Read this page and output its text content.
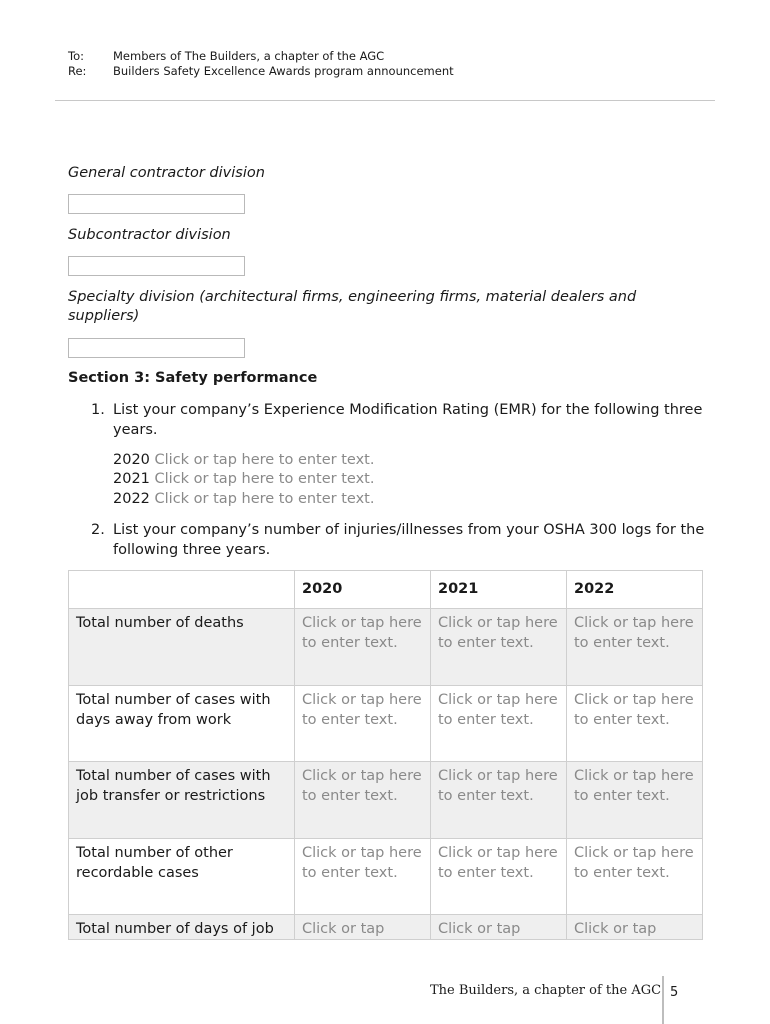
To:	Members of The Builders, a chapter of the AGC
Re: Builders Safety Excellence Awards program announcement
General contractor division
Subcontractor division
Specialty division (architectural firms, engineering firms, material dealers and suppliers)
Section 3: Safety performance
1. List your company’s Experience Modification Rating (EMR) for the following three years.
2020 Click or tap here to enter text.
2021 Click or tap here to enter text.
2022 Click or tap here to enter text.
2. List your company’s number of injuries/illnesses from your OSHA 300 logs for the following three years.
	2020	2021	2022
Total number of deaths	Click or tap here to enter text.	Click or tap here to enter text.	Click or tap here to enter text.
Total number of cases with days away from work	Click or tap here to enter text.	Click or tap here to enter text.	Click or tap here to enter text.
Total number of cases with job transfer or restrictions	Click or tap here to enter text.	Click or tap here to enter text.	Click or tap here to enter text.
Total number of other recordable cases	Click or tap here to enter text.	Click or tap here to enter text.	Click or tap here to enter text.
Total number of days of job	Click or tap	Click or tap	Click or tap
The Builders, a chapter of the AGC 5
